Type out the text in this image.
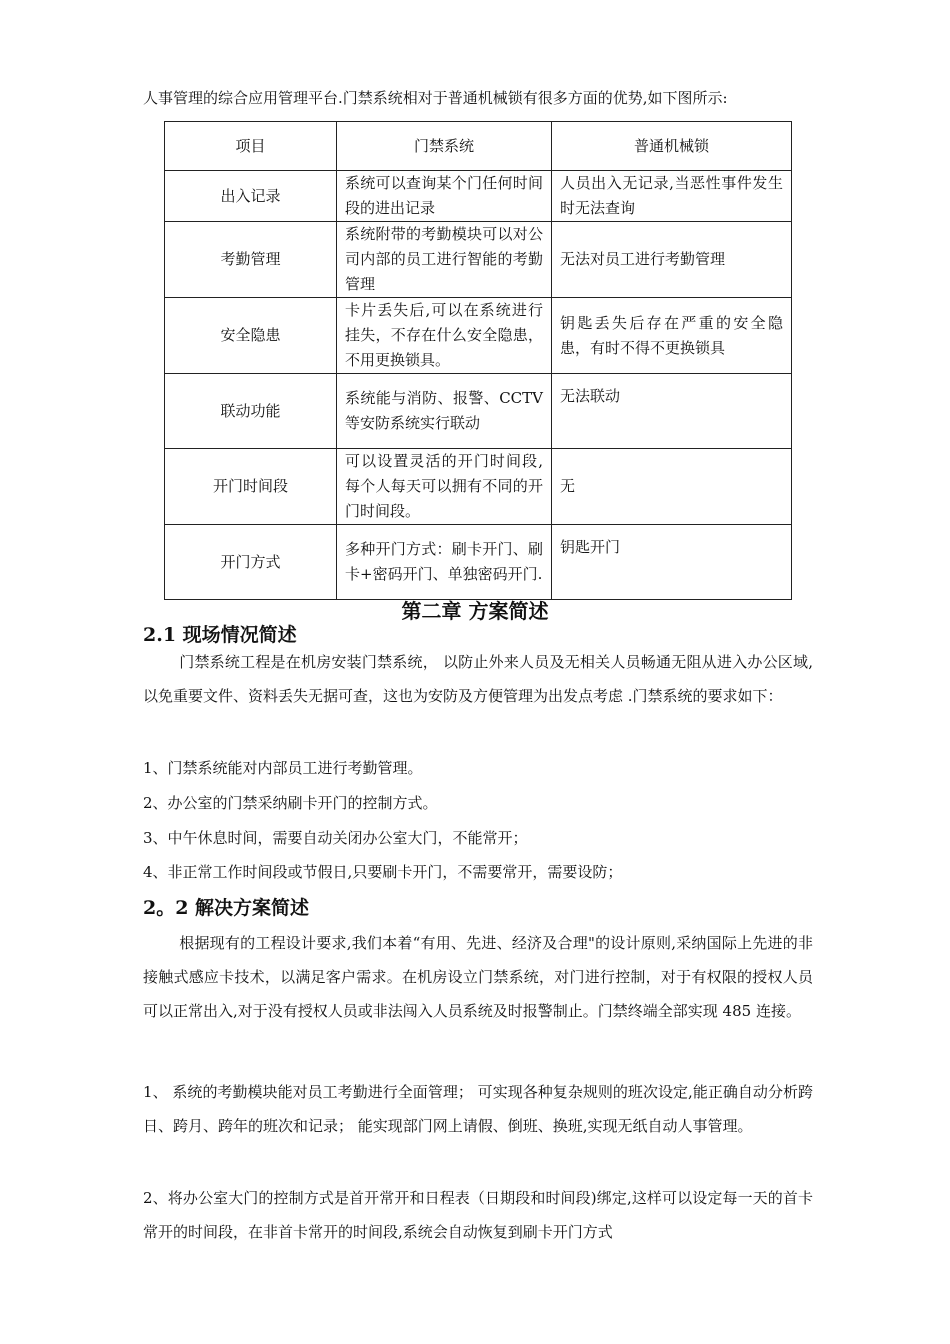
人事管理的综合应用管理平台.门禁系统相对于普通机械锁有很多方面的优势,如下图所示:
项目	门禁系统	普通机械锁
出入记录	系统可以查询某个门任何时间段的进出记录	人员出入无记录,当恶性事件发生时无法查询
考勤管理	系统附带的考勤模块可以对公司内部的员工进行智能的考勤管理	无法对员工进行考勤管理
安全隐患	卡片丢失后,可以在系统进行挂失，不存在什么安全隐患，不用更换锁具。	钥匙丢失后存在严重的安全隐患，有时不得不更换锁具
联动功能	系统能与消防、报警、CCTV等安防系统实行联动	无法联动
开门时间段	可以设置灵活的开门时间段,每个人每天可以拥有不同的开门时间段。	无
开门方式	多种开门方式：刷卡开门、刷卡+密码开门、单独密码开门.	钥匙开门
第二章 方案简述
2.1 现场情况简述
门禁系统工程是在机房安装门禁系统， 以防止外来人员及无相关人员畅通无阻从进入办公区域,以免重要文件、资料丢失无据可查，这也为安防及方便管理为出发点考虑 .门禁系统的要求如下：
1、门禁系统能对内部员工进行考勤管理。
2、办公室的门禁采纳刷卡开门的控制方式。
3、中午休息时间，需要自动关闭办公室大门，不能常开；
4、非正常工作时间段或节假日,只要刷卡开门，不需要常开，需要设防；
2。2 解决方案简述
根据现有的工程设计要求,我们本着“有用、先进、经济及合理"的设计原则,采纳国际上先进的非接触式感应卡技术，以满足客户需求。在机房设立门禁系统，对门进行控制，对于有权限的授权人员可以正常出入,对于没有授权人员或非法闯入人员系统及时报警制止。门禁终端全部实现 485 连接。
1、 系统的考勤模块能对员工考勤进行全面管理； 可实现各种复杂规则的班次设定,能正确自动分析跨日、跨月、跨年的班次和记录； 能实现部门网上请假、倒班、换班,实现无纸自动人事管理。
2、将办公室大门的控制方式是首开常开和日程表（日期段和时间段)绑定,这样可以设定每一天的首卡常开的时间段，在非首卡常开的时间段,系统会自动恢复到刷卡开门方式
